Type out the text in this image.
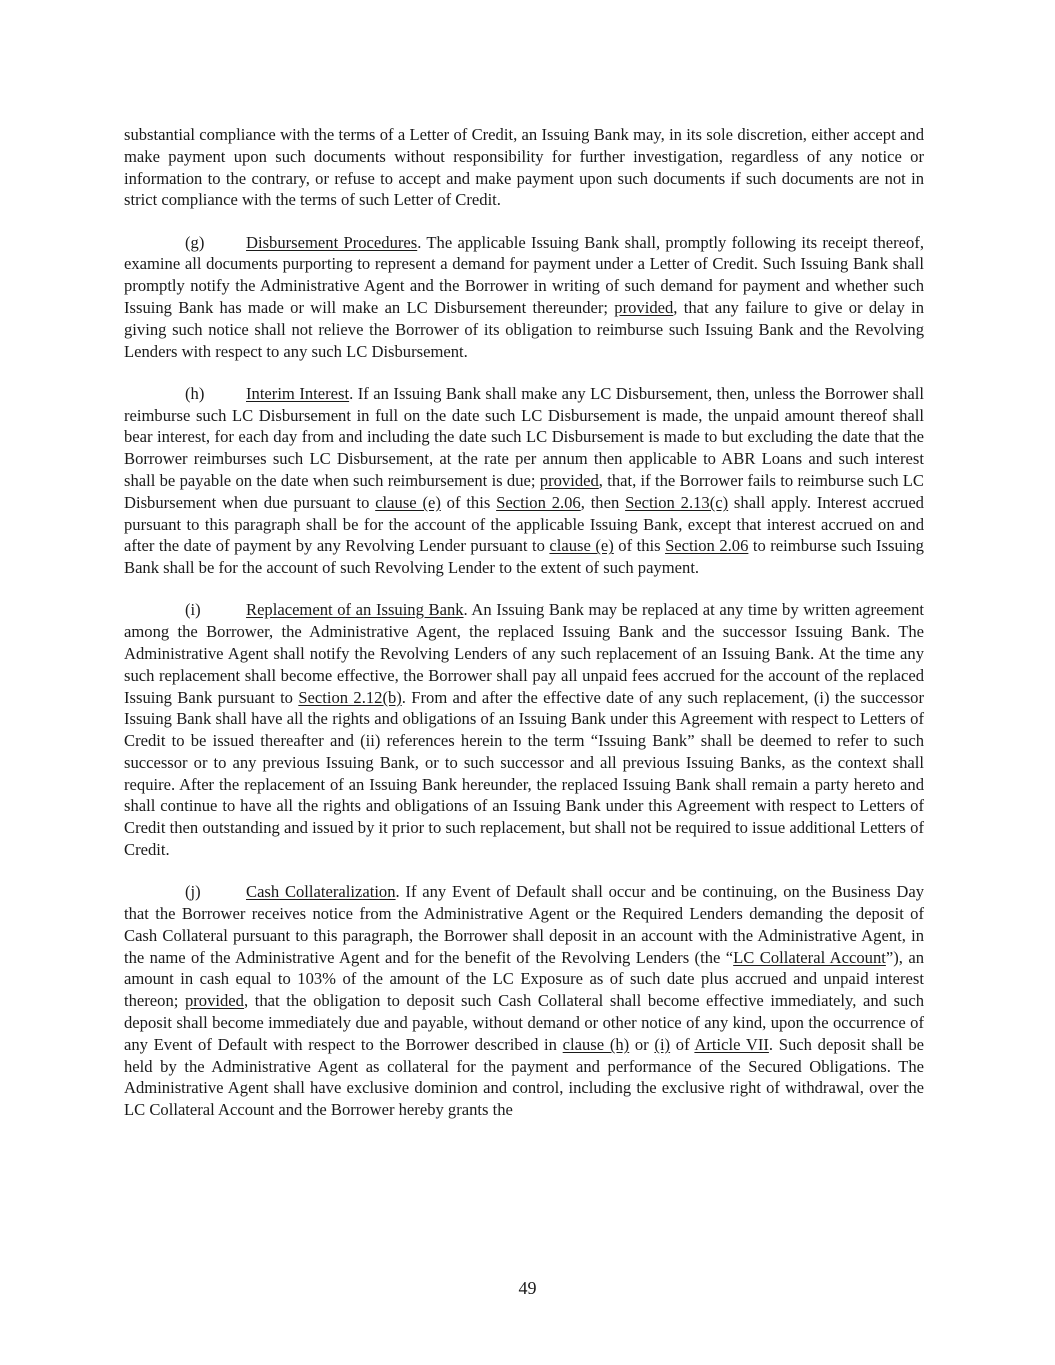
substantial compliance with the terms of a Letter of Credit, an Issuing Bank may, in its sole discretion, either accept and make payment upon such documents without responsibility for further investigation, regardless of any notice or information to the contrary, or refuse to accept and make payment upon such documents if such documents are not in strict compliance with the terms of such Letter of Credit.

(g)	Disbursement Procedures. The applicable Issuing Bank shall, promptly following its receipt thereof, examine all documents purporting to represent a demand for payment under a Letter of Credit. Such Issuing Bank shall promptly notify the Administrative Agent and the Borrower in writing of such demand for payment and whether such Issuing Bank has made or will make an LC Disbursement thereunder; provided, that any failure to give or delay in giving such notice shall not relieve the Borrower of its obligation to reimburse such Issuing Bank and the Revolving Lenders with respect to any such LC Disbursement.

(h)	Interim Interest. If an Issuing Bank shall make any LC Disbursement, then, unless the Borrower shall reimburse such LC Disbursement in full on the date such LC Disbursement is made, the unpaid amount thereof shall bear interest, for each day from and including the date such LC Disbursement is made to but excluding the date that the Borrower reimburses such LC Disbursement, at the rate per annum then applicable to ABR Loans and such interest shall be payable on the date when such reimbursement is due; provided, that, if the Borrower fails to reimburse such LC Disbursement when due pursuant to clause (e) of this Section 2.06, then Section 2.13(c) shall apply. Interest accrued pursuant to this paragraph shall be for the account of the applicable Issuing Bank, except that interest accrued on and after the date of payment by any Revolving Lender pursuant to clause (e) of this Section 2.06 to reimburse such Issuing Bank shall be for the account of such Revolving Lender to the extent of such payment.

(i)	Replacement of an Issuing Bank. An Issuing Bank may be replaced at any time by written agreement among the Borrower, the Administrative Agent, the replaced Issuing Bank and the successor Issuing Bank. The Administrative Agent shall notify the Revolving Lenders of any such replacement of an Issuing Bank. At the time any such replacement shall become effective, the Borrower shall pay all unpaid fees accrued for the account of the replaced Issuing Bank pursuant to Section 2.12(b). From and after the effective date of any such replacement, (i) the successor Issuing Bank shall have all the rights and obligations of an Issuing Bank under this Agreement with respect to Letters of Credit to be issued thereafter and (ii) references herein to the term “Issuing Bank” shall be deemed to refer to such successor or to any previous Issuing Bank, or to such successor and all previous Issuing Banks, as the context shall require. After the replacement of an Issuing Bank hereunder, the replaced Issuing Bank shall remain a party hereto and shall continue to have all the rights and obligations of an Issuing Bank under this Agreement with respect to Letters of Credit then outstanding and issued by it prior to such replacement, but shall not be required to issue additional Letters of Credit.

(j)	Cash Collateralization. If any Event of Default shall occur and be continuing, on the Business Day that the Borrower receives notice from the Administrative Agent or the Required Lenders demanding the deposit of Cash Collateral pursuant to this paragraph, the Borrower shall deposit in an account with the Administrative Agent, in the name of the Administrative Agent and for the benefit of the Revolving Lenders (the “LC Collateral Account”), an amount in cash equal to 103% of the amount of the LC Exposure as of such date plus accrued and unpaid interest thereon; provided, that the obligation to deposit such Cash Collateral shall become effective immediately, and such deposit shall become immediately due and payable, without demand or other notice of any kind, upon the occurrence of any Event of Default with respect to the Borrower described in clause (h) or (i) of Article VII. Such deposit shall be held by the Administrative Agent as collateral for the payment and performance of the Secured Obligations. The Administrative Agent shall have exclusive dominion and control, including the exclusive right of withdrawal, over the LC Collateral Account and the Borrower hereby grants the

49
